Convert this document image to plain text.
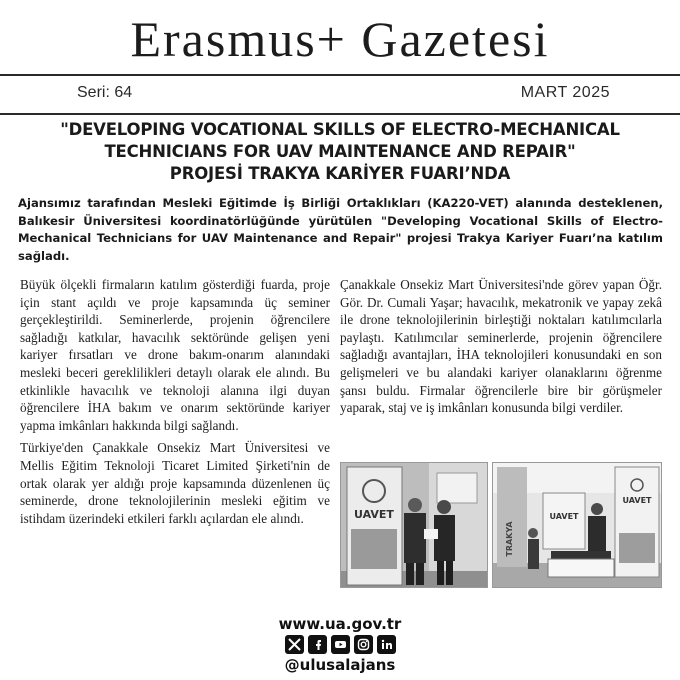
Erasmus+ Gazetesi
Seri: 64	MART 2025
"DEVELOPING VOCATIONAL SKILLS OF ELECTRO-MECHANICAL
TECHNICIANS FOR UAV MAINTENANCE AND REPAIR"
PROJESİ TRAKYA KARİYER FUARI’NDA
Ajansımız tarafından Mesleki Eğitimde İş Birliği Ortaklıkları (KA220-VET) alanında desteklenen, Balıkesir Üniversitesi koordinatörlüğünde yürütülen "Developing Vocational Skills of Electro-Mechanical Technicians for UAV Maintenance and Repair" projesi Trakya Kariyer Fuarı’na katılım sağladı.

Büyük ölçekli firmaların katılım gösterdiği fuarda, proje için stant açıldı ve proje kapsamında üç seminer gerçekleştirildi. Seminerlerde, projenin öğrencilere sağladığı katkılar, havacılık sektöründe gelişen yeni kariyer fırsatları ve drone bakım-onarım alanındaki mesleki beceri gereklilikleri detaylı olarak ele alındı. Bu etkinlikle havacılık ve teknoloji alanına ilgi duyan öğrencilere İHA bakım ve onarım sektöründe kariyer yapma imkânları hakkında bilgi sağlandı.

Türkiye'den Çanakkale Onsekiz Mart Üniversitesi ve Mellis Eğitim Teknoloji Ticaret Limited Şirketi'nin de ortak olarak yer aldığı proje kapsamında düzenlenen üç seminerde, drone teknolojilerinin mesleki eğitim ve istihdam üzerindeki etkileri farklı açılardan ele alındı.

Çanakkale Onsekiz Mart Üniversitesi'nde görev yapan Öğr. Gör. Dr. Cumali Yaşar; havacılık, mekatronik ve yapay zekâ ile drone teknolojilerinin birleştiği noktaları katılımcılarla paylaştı. Katılımcılar seminerlerde, projenin öğrencilere sağladığı avantajları, İHA teknolojileri konusundaki en son gelişmeleri ve bu alandaki kariyer olanaklarını öğrenme şansı buldu. Firmalar öğrencilerle bire bir görüşmeler yaparak, staj ve iş imkânları konusunda bilgi verdiler.

UAVET
TRAKYA
UAVET
UAVET
www.ua.gov.tr
@ulusalajans
